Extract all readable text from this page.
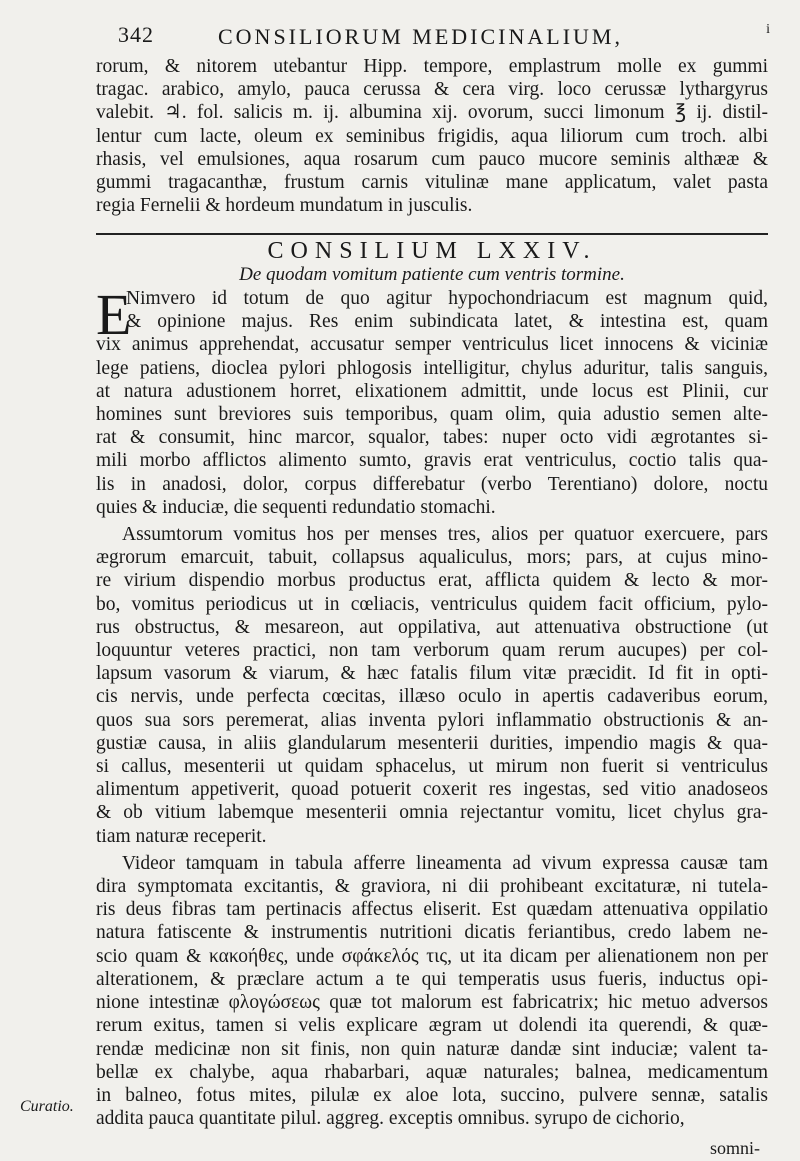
342	CONSILIORUM MEDICINALIUM,	i
rorum, & nitorem utebantur Hipp. tempore, emplastrum molle ex gummi
tragac. arabico, amylo, pauca cerussa & cera virg. loco cerussæ lythargyrus
valebit. ♃. fol. salicis m. ij. albumina xij. ovorum, succi limonum ℥ ij. distil-
lentur cum lacte, oleum ex seminibus frigidis, aqua liliorum cum troch. albi
rhasis, vel emulsiones, aqua rosarum cum pauco mucore seminis althææ &
gummi tragacanthæ, frustum carnis vitulinæ mane applicatum, valet pasta
regia Fernelii & hordeum mundatum in jusculis.
CONSILIUM LXXIV.
De quodam vomitum patiente cum ventris tormine.
E
Nimvero id totum de quo agitur hypochondriacum est magnum quid,
& opinione majus. Res enim subindicata latet, & intestina est, quam
vix animus apprehendat, accusatur semper ventriculus licet innocens & viciniæ
lege patiens, dioclea pylori phlogosis intelligitur, chylus aduritur, talis sanguis,
at natura adustionem horret, elixationem admittit, unde locus est Plinii, cur
homines sunt breviores suis temporibus, quam olim, quia adustio semen alte-
rat & consumit, hinc marcor, squalor, tabes: nuper octo vidi ægrotantes si-
mili morbo afflictos alimento sumto, gravis erat ventriculus, coctio talis qua-
lis in anadosi, dolor, corpus differebatur (verbo Terentiano) dolore, noctu
quies & induciæ, die sequenti redundatio stomachi.
Assumtorum vomitus hos per menses tres, alios per quatuor exercuere, pars
ægrorum emarcuit, tabuit, collapsus aqualiculus, mors; pars, at cujus mino-
re virium dispendio morbus productus erat, afflicta quidem & lecto & mor-
bo, vomitus periodicus ut in cœliacis, ventriculus quidem facit officium, pylo-
rus obstructus, & mesareon, aut oppilativa, aut attenuativa obstructione (ut
loquuntur veteres practici, non tam verborum quam rerum aucupes) per col-
lapsum vasorum & viarum, & hæc fatalis filum vitæ præcidit. Id fit in opti-
cis nervis, unde perfecta cœcitas, illæso oculo in apertis cadaveribus eorum,
quos sua sors peremerat, alias inventa pylori inflammatio obstructionis & an-
gustiæ causa, in aliis glandularum mesenterii durities, impendio magis & qua-
si callus, mesenterii ut quidam sphacelus, ut mirum non fuerit si ventriculus
alimentum appetiverit, quoad potuerit coxerit res ingestas, sed vitio anadoseos
& ob vitium labemque mesenterii omnia rejectantur vomitu, licet chylus gra-
tiam naturæ receperit.
Videor tamquam in tabula afferre lineamenta ad vivum expressa causæ tam
dira symptomata excitantis, & graviora, ni dii prohibeant excitaturæ, ni tutela-
ris deus fibras tam pertinacis affectus eliserit. Est quædam attenuativa oppilatio
natura fatiscente & instrumentis nutritioni dicatis feriantibus, credo labem ne-
scio quam & κακοήθες, unde σφάκελός τις, ut ita dicam per alienationem non per
alterationem, & præclare actum a te qui temperatis usus fueris, inductus opi-
nione intestinæ φλογώσεως quæ tot malorum est fabricatrix; hic metuo adversos
rerum exitus, tamen si velis explicare ægram ut dolendi ita querendi, & quæ-
rendæ medicinæ non sit finis, non quin naturæ dandæ sint induciæ; valent ta-
bellæ ex chalybe, aqua rhabarbari, aquæ naturales; balnea, medicamentum
in balneo, fotus mites, pilulæ ex aloe lota, succino, pulvere sennæ, satalis
addita pauca quantitate pilul. aggreg. exceptis omnibus. syrupo de cichorio,
Curatio.
somni-
